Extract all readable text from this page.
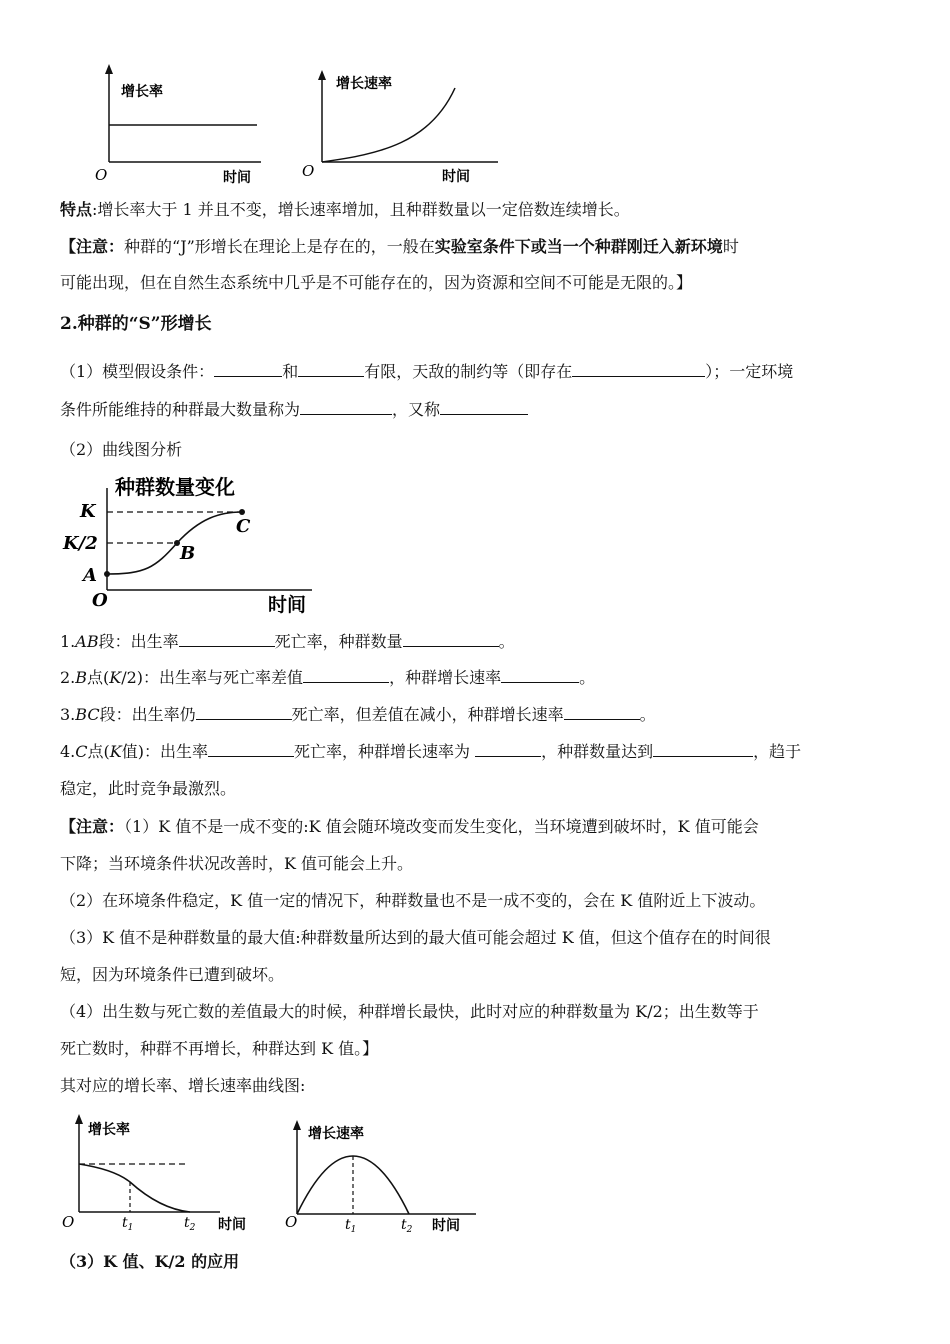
增长率
O	时间
增长速率
O	时间
特点:增长率大于 1 并且不变，增长速率增加，且种群数量以一定倍数连续增长。
【注意：种群的“J”形增长在理论上是存在的，一般在实验室条件下或当一个种群刚迁入新环境时
可能出现，但在自然生态系统中几乎是不可能存在的，因为资源和空间不可能是无限的。】
2.种群的“S”形增长
（1）模型假设条件：	和	有限，天敌的制约等（即存在	）；一定环境
条件所能维持的种群最大数量称为	，又称
（2）曲线图分析
种群数量变化
K
K/2
A
B
C
O	时间
1.AB段：出生率	死亡率，种群数量	。
2.B点(K/2)：出生率与死亡率差值	，种群增长速率	。
3.BC段：出生率仍	死亡率，但差值在减小，种群增长速率	。
4.C点(K值)：出生率	死亡率，种群增长速率为	，种群数量达到	，趋于
稳定，此时竞争最激烈。
【注意：（1）K 值不是一成不变的:K 值会随环境改变而发生变化，当环境遭到破坏时，K 值可能会
下降；当环境条件状况改善时，K 值可能会上升。
（2）在环境条件稳定，K 值一定的情况下，种群数量也不是一成不变的，会在 K 值附近上下波动。
（3）K 值不是种群数量的最大值:种群数量所达到的最大值可能会超过 K 值，但这个值存在的时间很
短，因为环境条件已遭到破坏。
（4）出生数与死亡数的差值最大的时候，种群增长最快，此时对应的种群数量为 K/2；出生数等于
死亡数时，种群不再增长，种群达到 K 值。】
其对应的增长率、增长速率曲线图:
增长率
O	$t_1$	$t_2$ 时间
增长速率
O	$t_1$	$t_2$ 时间
（3）K 值、K/2 的应用
